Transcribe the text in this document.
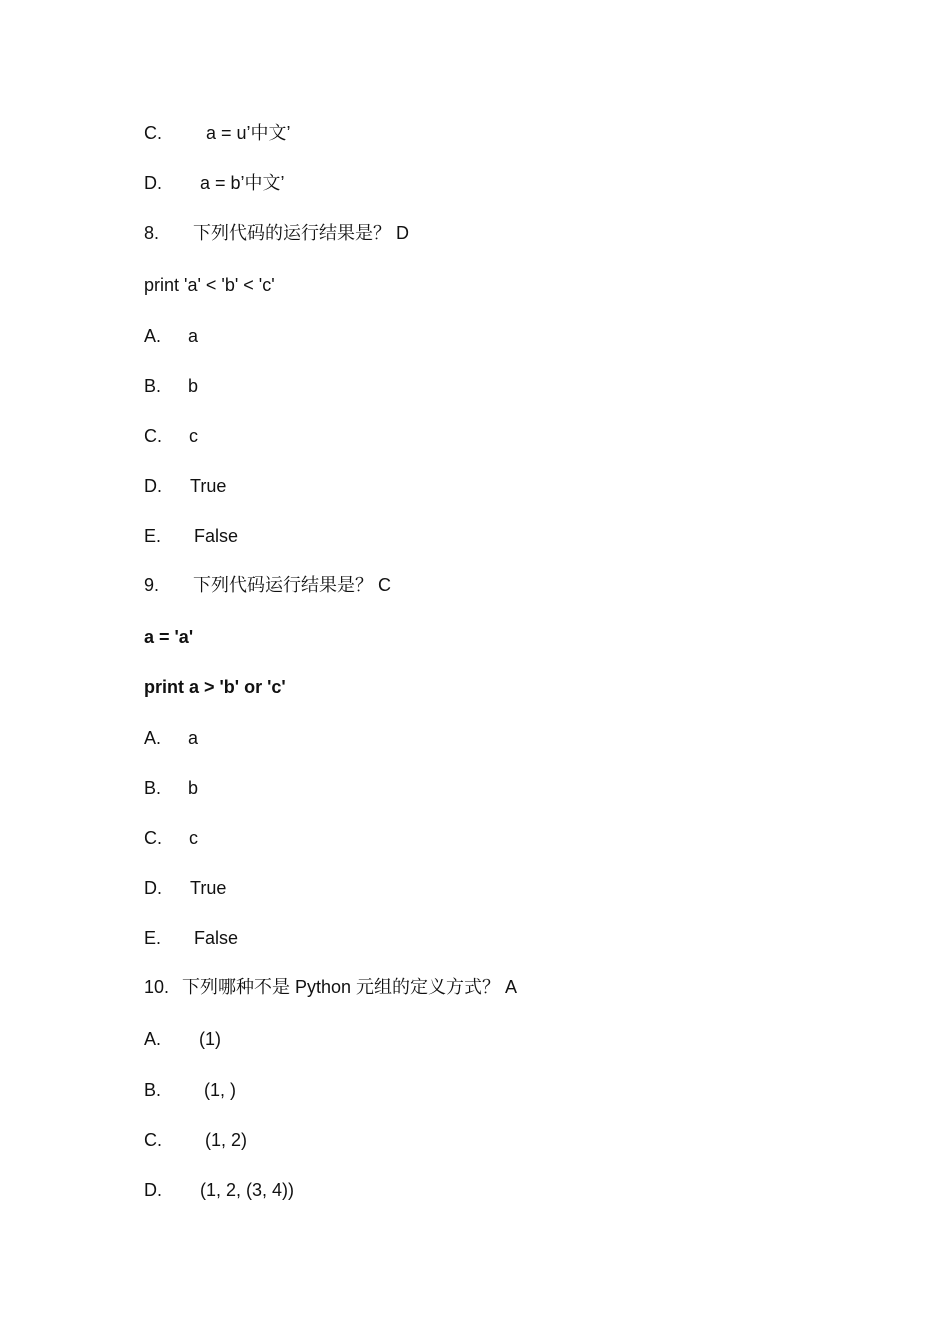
C.

a = u’中文’

D.

a = b’中文’

8.

下列代码的运行结果是？ D

print 'a' < 'b' < 'c'

A.

a

B.

b

C.

c

D.

True

E.

False

9.

下列代码运行结果是？ C

a = 'a'

print a > 'b' or 'c'

A.

a

B.

b

C.

c

D.

True

E.

False

10.

下列哪种不是 Python 元组的定义方式？ A

A.

(1)

B.

(1, )

C.

(1, 2)

D.

(1, 2, (3, 4))
